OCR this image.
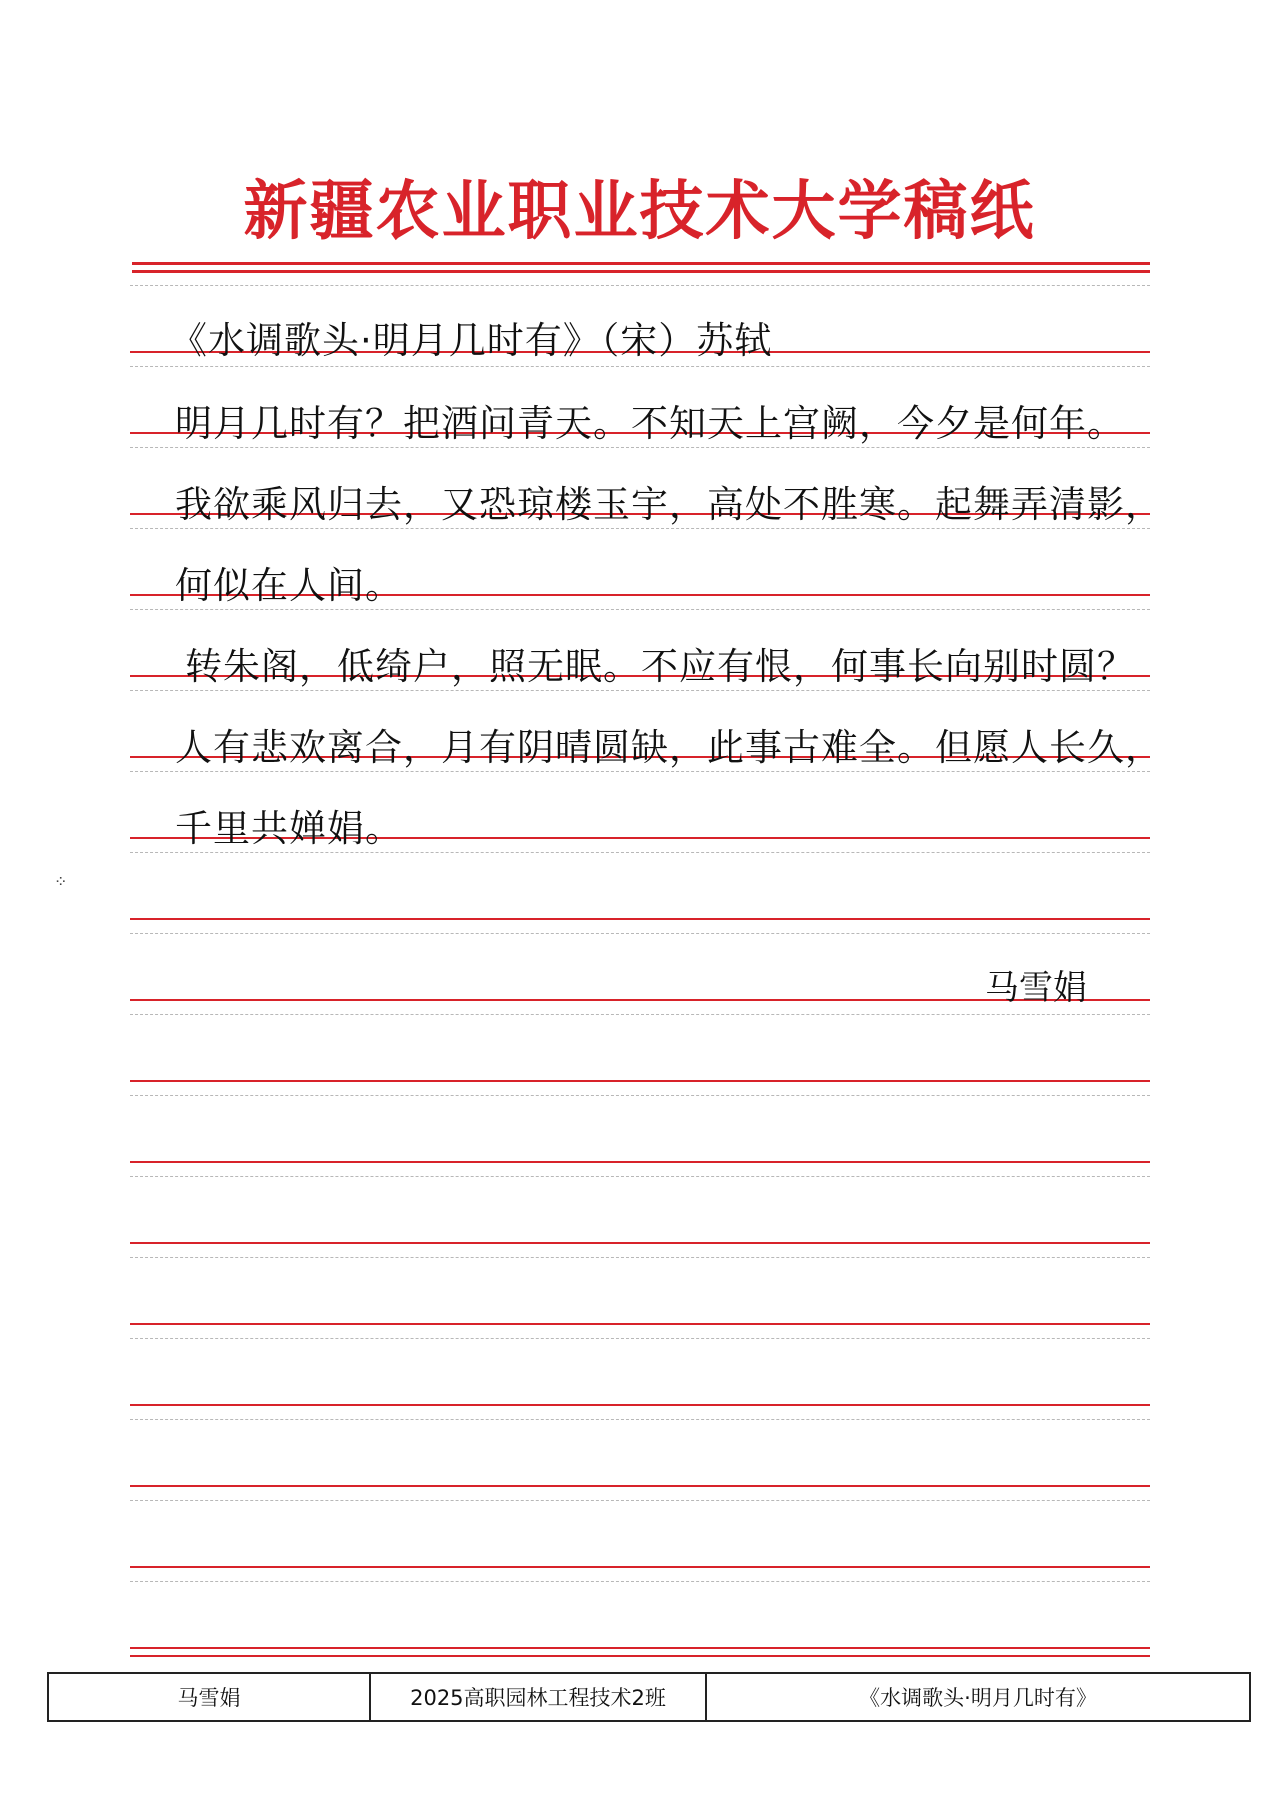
新疆农业职业技术大学稿纸
《水调歌头·明月几时有》（宋）苏轼
明月几时有？把酒问青天。不知天上宫阙，今夕是何年。
我欲乘风归去，又恐琼楼玉宇，高处不胜寒。起舞弄清影，
何似在人间。
转朱阁，低绮户，照无眠。不应有恨，何事长向别时圆？
人有悲欢离合，月有阴晴圆缺，此事古难全。但愿人长久，
千里共婵娟。
⁘
马雪娟
马雪娟	2025高职园林工程技术2班	《水调歌头·明月几时有》
